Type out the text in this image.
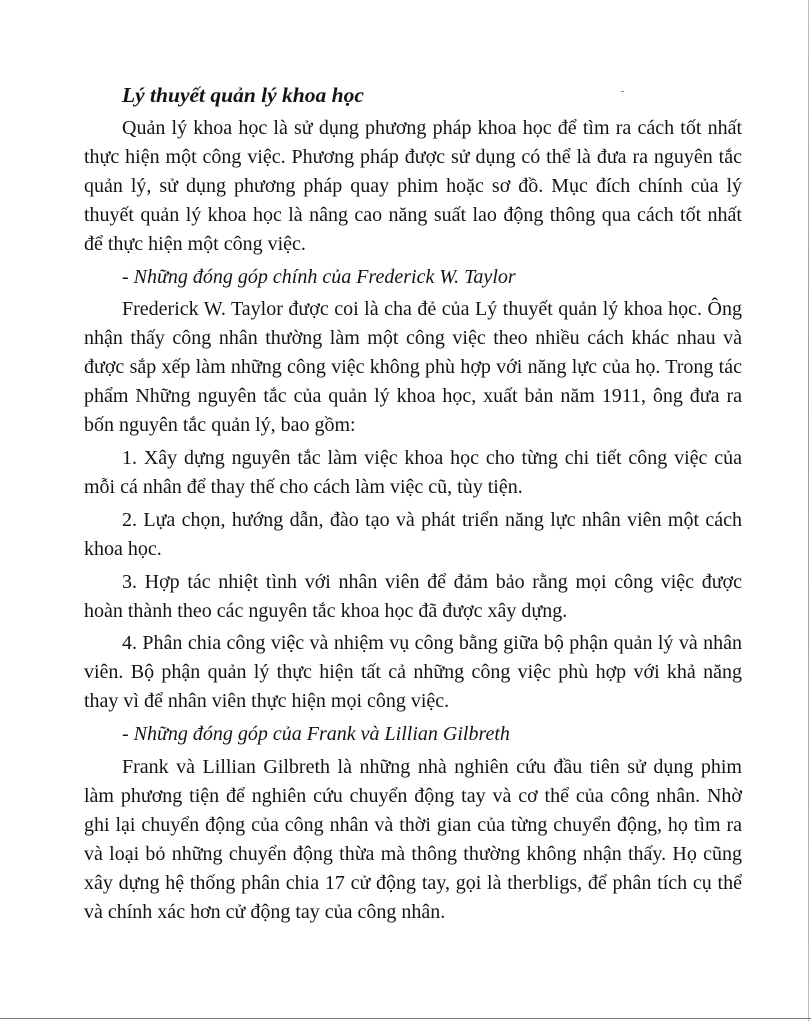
Lý thuyết quản lý khoa học

Quản lý khoa học là sử dụng phương pháp khoa học để tìm ra cách tốt nhất thực hiện một công việc. Phương pháp được sử dụng có thể là đưa ra nguyên tắc quản lý, sử dụng phương pháp quay phim hoặc sơ đồ. Mục đích chính của lý thuyết quản lý khoa học là nâng cao năng suất lao động thông qua cách tốt nhất để thực hiện một công việc.

- Những đóng góp chính của Frederick W. Taylor

Frederick W. Taylor được coi là cha đẻ của Lý thuyết quản lý khoa học. Ông nhận thấy công nhân thường làm một công việc theo nhiều cách khác nhau và được sắp xếp làm những công việc không phù hợp với năng lực của họ. Trong tác phẩm Những nguyên tắc của quản lý khoa học, xuất bản năm 1911, ông đưa ra bốn nguyên tắc quản lý, bao gồm:

1. Xây dựng nguyên tắc làm việc khoa học cho từng chi tiết công việc của mỗi cá nhân để thay thế cho cách làm việc cũ, tùy tiện.

2. Lựa chọn, hướng dẫn, đào tạo và phát triển năng lực nhân viên một cách khoa học.

3. Hợp tác nhiệt tình với nhân viên để đảm bảo rằng mọi công việc được hoàn thành theo các nguyên tắc khoa học đã được xây dựng.

4. Phân chia công việc và nhiệm vụ công bằng giữa bộ phận quản lý và nhân viên. Bộ phận quản lý thực hiện tất cả những công việc phù hợp với khả năng thay vì để nhân viên thực hiện mọi công việc.

- Những đóng góp của Frank và Lillian Gilbreth

Frank và Lillian Gilbreth là những nhà nghiên cứu đầu tiên sử dụng phim làm phương tiện để nghiên cứu chuyển động tay và cơ thể của công nhân. Nhờ ghi lại chuyển động của công nhân và thời gian của từng chuyển động, họ tìm ra và loại bỏ những chuyển động thừa mà thông thường không nhận thấy. Họ cũng xây dựng hệ thống phân chia 17 cử động tay, gọi là therbligs, để phân tích cụ thể và chính xác hơn cử động tay của công nhân.
